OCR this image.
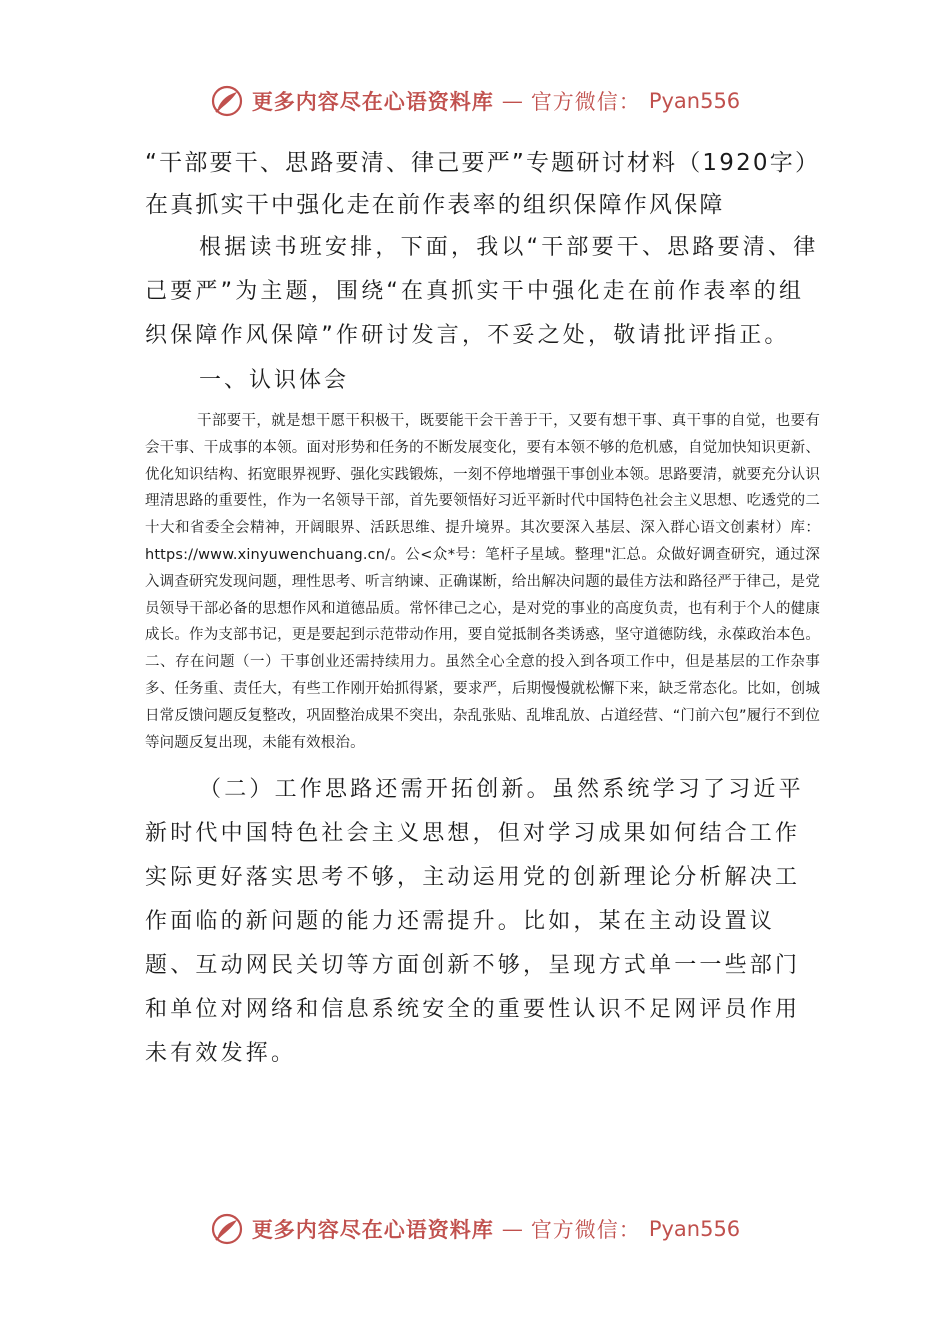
更多内容尽在心语资料库 — 官方微信： Pyan556

“干部要干、思路要清、律己要严”专题研讨材料（1920字）在真抓实干中强化走在前作表率的组织保障作风保障

根据读书班安排，下面，我以“干部要干、思路要清、律己要严”为主题，围绕“在真抓实干中强化走在前作表率的组织保障作风保障”作研讨发言，不妥之处，敬请批评指正。

一、认识体会

干部要干，就是想干愿干积极干，既要能干会干善于干，又要有想干事、真干事的自觉，也要有会干事、干成事的本领。面对形势和任务的不断发展变化，要有本领不够的危机感，自觉加快知识更新、优化知识结构、拓宽眼界视野、强化实践锻炼，一刻不停地增强干事创业本领。思路要清，就要充分认识理清思路的重要性，作为一名领导干部，首先要领悟好习近平新时代中国特色社会主义思想、吃透党的二十大和省委全会精神，开阔眼界、活跃思维、提升境界。其次要深入基层、深入群心语文创素材）库：https://www.xinyuwenchuang.cn/。公<众*号：笔杆子星域。整理"汇总。众做好调查研究，通过深入调查研究发现问题，理性思考、听言纳谏、正确谋断，给出解决问题的最佳方法和路径严于律己，是党员领导干部必备的思想作风和道德品质。常怀律己之心，是对党的事业的高度负责，也有利于个人的健康成长。作为支部书记，更是要起到示范带动作用，要自觉抵制各类诱惑，坚守道德防线，永葆政治本色。 二、存在问题（一）干事创业还需持续用力。虽然全心全意的投入到各项工作中，但是基层的工作杂事多、任务重、责任大，有些工作刚开始抓得紧，要求严，后期慢慢就松懈下来，缺乏常态化。比如，创城日常反馈问题反复整改，巩固整治成果不突出，杂乱张贴、乱堆乱放、占道经营、“门前六包”履行不到位等问题反复出现，未能有效根治。

（二）工作思路还需开拓创新。虽然系统学习了习近平新时代中国特色社会主义思想，但对学习成果如何结合工作实际更好落实思考不够，主动运用党的创新理论分析解决工作面临的新问题的能力还需提升。比如，某在主动设置议题、互动网民关切等方面创新不够，呈现方式单一一些部门和单位对网络和信息系统安全的重要性认识不足网评员作用未有效发挥。

更多内容尽在心语资料库 — 官方微信： Pyan556
